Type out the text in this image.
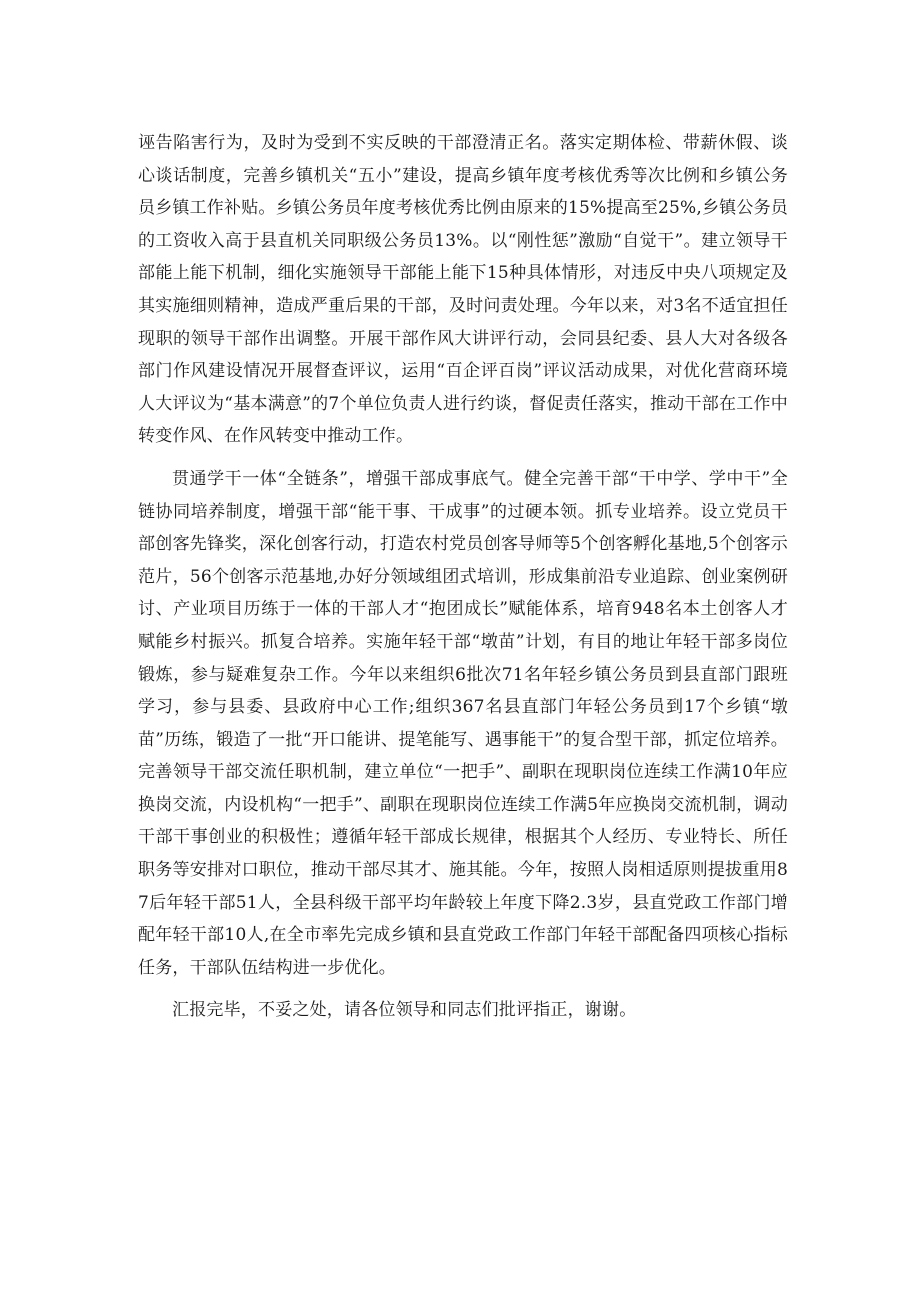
诬告陷害行为，及时为受到不实反映的干部澄清正名。落实定期体检、带薪休假、谈心谈话制度，完善乡镇机关“五小”建设，提高乡镇年度考核优秀等次比例和乡镇公务员乡镇工作补贴。乡镇公务员年度考核优秀比例由原来的15%提高至25%,乡镇公务员的工资收入高于县直机关同职级公务员13%。以“刚性惩”激励“自觉干”。建立领导干部能上能下机制，细化实施领导干部能上能下15种具体情形，对违反中央八项规定及其实施细则精神，造成严重后果的干部，及时问责处理。今年以来，对3名不适宜担任现职的领导干部作出调整。开展干部作风大讲评行动，会同县纪委、县人大对各级各部门作风建设情况开展督查评议，运用“百企评百岗”评议活动成果，对优化营商环境人大评议为“基本满意”的7个单位负责人进行约谈，督促责任落实，推动干部在工作中转变作风、在作风转变中推动工作。

贯通学干一体“全链条”，增强干部成事底气。健全完善干部“干中学、学中干”全链协同培养制度，增强干部“能干事、干成事”的过硬本领。抓专业培养。设立党员干部创客先锋奖，深化创客行动，打造农村党员创客导师等5个创客孵化基地,5个创客示范片，56个创客示范基地,办好分领域组团式培训，形成集前沿专业追踪、创业案例研讨、产业项目历练于一体的干部人才“抱团成长”赋能体系，培育948名本土创客人才赋能乡村振兴。抓复合培养。实施年轻干部“墩苗”计划，有目的地让年轻干部多岗位锻炼，参与疑难复杂工作。今年以来组织6批次71名年轻乡镇公务员到县直部门跟班学习，参与县委、县政府中心工作;组织367名县直部门年轻公务员到17个乡镇“墩苗”历练，锻造了一批“开口能讲、提笔能写、遇事能干”的复合型干部，抓定位培养。完善领导干部交流任职机制，建立单位“一把手”、副职在现职岗位连续工作满10年应换岗交流，内设机构“一把手”、副职在现职岗位连续工作满5年应换岗交流机制，调动干部干事创业的积极性；遵循年轻干部成长规律，根据其个人经历、专业特长、所任职务等安排对口职位，推动干部尽其才、施其能。今年，按照人岗相适原则提拔重用87后年轻干部51人，全县科级干部平均年龄较上年度下降2.3岁，县直党政工作部门增配年轻干部10人,在全市率先完成乡镇和县直党政工作部门年轻干部配备四项核心指标任务，干部队伍结构进一步优化。

汇报完毕，不妥之处，请各位领导和同志们批评指正，谢谢。
